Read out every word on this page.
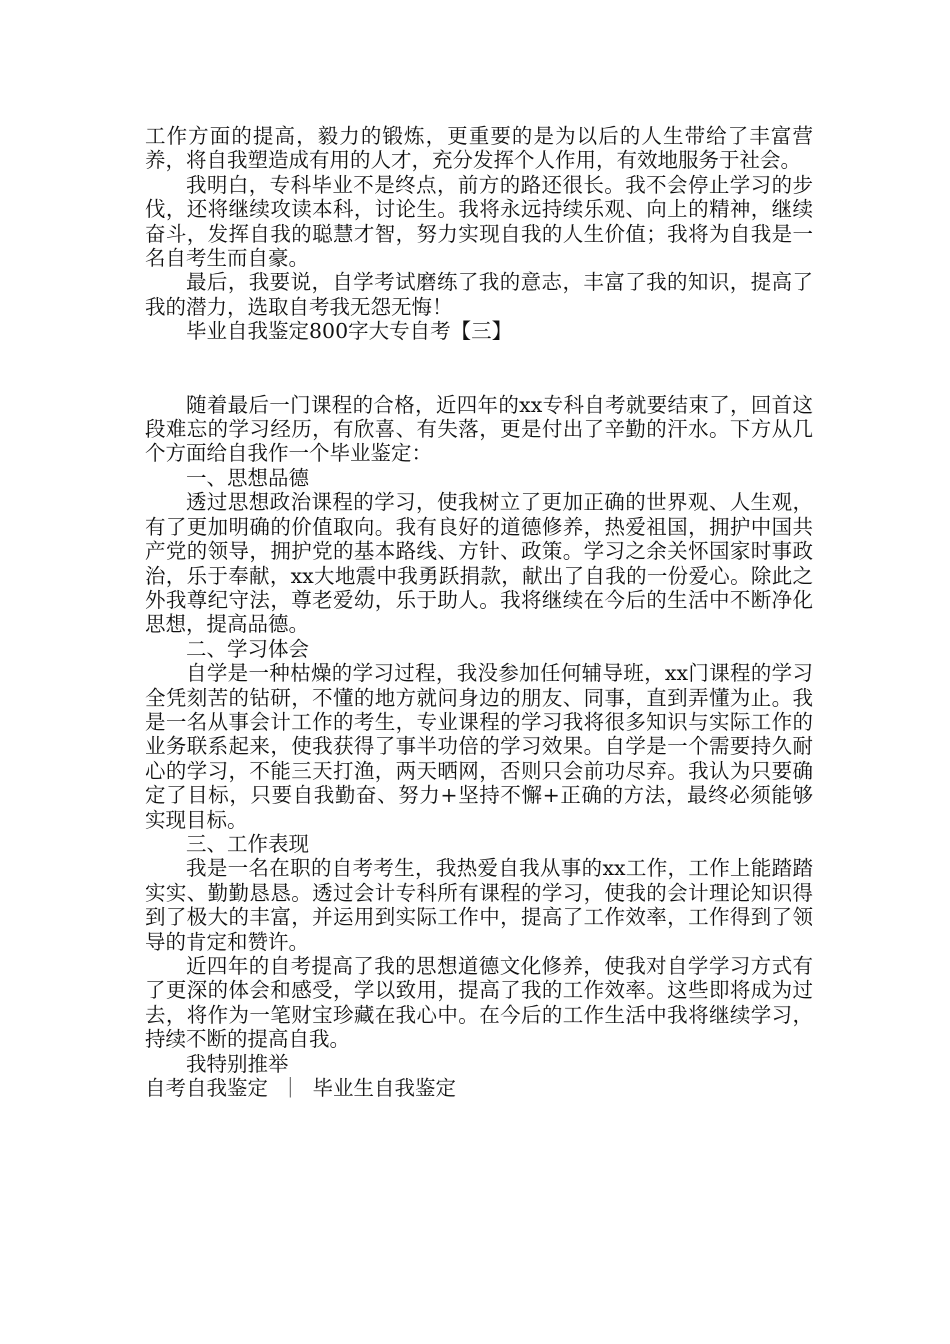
工作方面的提高，毅力的锻炼，更重要的是为以后的人生带给了丰富营养，将自我塑造成有用的人才，充分发挥个人作用，有效地服务于社会。

我明白，专科毕业不是终点，前方的路还很长。我不会停止学习的步伐，还将继续攻读本科，讨论生。我将永远持续乐观、向上的精神，继续奋斗，发挥自我的聪慧才智，努力实现自我的人生价值；我将为自我是一名自考生而自豪。

最后，我要说，自学考试磨练了我的意志，丰富了我的知识，提高了我的潜力，选取自考我无怨无悔！

毕业自我鉴定800字大专自考【三】

随着最后一门课程的合格，近四年的xx专科自考就要结束了，回首这段难忘的学习经历，有欣喜、有失落，更是付出了辛勤的汗水。下方从几个方面给自我作一个毕业鉴定：

一、思想品德

透过思想政治课程的学习，使我树立了更加正确的世界观、人生观，有了更加明确的价值取向。我有良好的道德修养，热爱祖国，拥护中国共产党的领导，拥护党的基本路线、方针、政策。学习之余关怀国家时事政治，乐于奉献，xx大地震中我勇跃捐款，献出了自我的一份爱心。除此之外我尊纪守法，尊老爱幼，乐于助人。我将继续在今后的生活中不断净化思想，提高品德。

二、学习体会

自学是一种枯燥的学习过程，我没参加任何辅导班，xx门课程的学习全凭刻苦的钻研，不懂的地方就问身边的朋友、同事，直到弄懂为止。我是一名从事会计工作的考生，专业课程的学习我将很多知识与实际工作的业务联系起来，使我获得了事半功倍的学习效果。自学是一个需要持久耐心的学习，不能三天打渔，两天晒网，否则只会前功尽弃。我认为只要确定了目标，只要自我勤奋、努力+坚持不懈+正确的方法，最终必须能够实现目标。

三、工作表现

我是一名在职的自考考生，我热爱自我从事的xx工作，工作上能踏踏实实、勤勤恳恳。透过会计专科所有课程的学习，使我的会计理论知识得到了极大的丰富，并运用到实际工作中，提高了工作效率，工作得到了领导的肯定和赞许。

近四年的自考提高了我的思想道德文化修养，使我对自学学习方式有了更深的体会和感受，学以致用，提高了我的工作效率。这些即将成为过去，将作为一笔财宝珍藏在我心中。在今后的工作生活中我将继续学习，持续不断的提高自我。

我特别推举

自考自我鉴定 ｜ 毕业生自我鉴定
